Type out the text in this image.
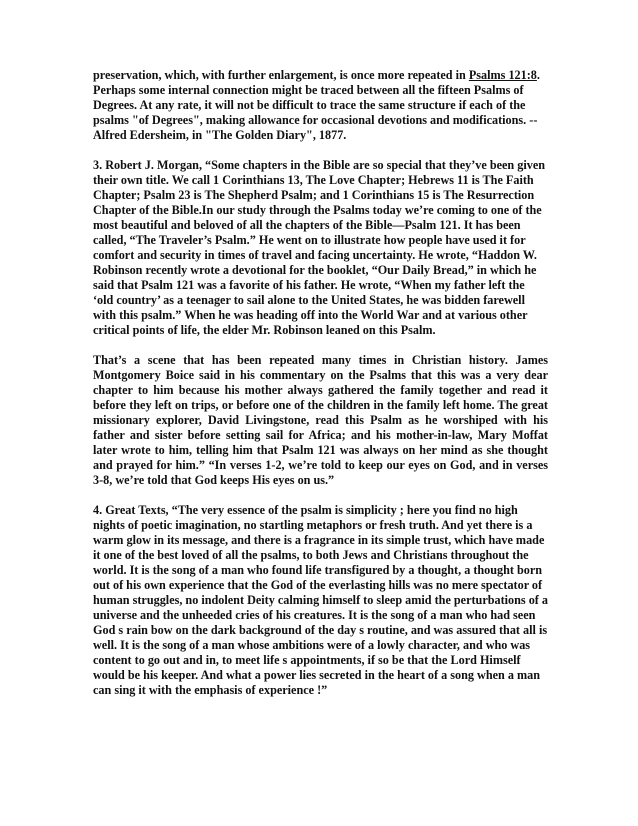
preservation, which, with further enlargement, is once more repeated in Psalms 121:8. Perhaps some internal connection might be traced between all the fifteen Psalms of Degrees. At any rate, it will not be difficult to trace the same structure if each of the psalms "of Degrees", making allowance for occasional devotions and modifications. --Alfred Edersheim, in "The Golden Diary", 1877.

3. Robert J. Morgan, “Some chapters in the Bible are so special that they’ve been given their own title. We call 1 Corinthians 13, The Love Chapter; Hebrews 11 is The Faith Chapter; Psalm 23 is The Shepherd Psalm; and 1 Corinthians 15 is The Resurrection Chapter of the Bible.In our study through the Psalms today we’re coming to one of the most beautiful and beloved of all the chapters of the Bible—Psalm 121. It has been called, “The Traveler’s Psalm.” He went on to illustrate how people have used it for comfort and security in times of travel and facing uncertainty. He wrote, “Haddon W. Robinson recently wrote a devotional for the booklet, “Our Daily Bread,” in which he said that Psalm 121 was a favorite of his father. He wrote, “When my father left the ‘old country’ as a teenager to sail alone to the United States, he was bidden farewell with this psalm.” When he was heading off into the World War and at various other critical points of life, the elder Mr. Robinson leaned on this Psalm.

That’s a scene that has been repeated many times in Christian history. James Montgomery Boice said in his commentary on the Psalms that this was a very dear chapter to him because his mother always gathered the family together and read it before they left on trips, or before one of the children in the family left home. The great missionary explorer, David Livingstone, read this Psalm as he worshiped with his father and sister before setting sail for Africa; and his mother-in-law, Mary Moffat later wrote to him, telling him that Psalm 121 was always on her mind as she thought and prayed for him.” “In verses 1-2, we’re told to keep our eyes on God, and in verses 3-8, we’re told that God keeps His eyes on us.”

4. Great Texts, “The very essence of the psalm is simplicity ; here you find no high nights of poetic imagination, no startling metaphors or fresh truth. And yet there is a warm glow in its message, and there is a fragrance in its simple trust, which have made it one of the best loved of all the psalms, to both Jews and Christians throughout the world. It is the song of a man who found life transfigured by a thought, a thought born out of his own experience that the God of the everlasting hills was no mere spectator of human struggles, no indolent Deity calming himself to sleep amid the perturbations of a universe and the unheeded cries of his creatures. It is the song of a man who had seen God s rain bow on the dark background of the day s routine, and was assured that all is well. It is the song of a man whose ambitions were of a lowly character, and who was content to go out and in, to meet life s appointments, if so be that the Lord Himself would be his keeper. And what a power lies secreted in the heart of a song when a man can sing it with the emphasis of experience !”
